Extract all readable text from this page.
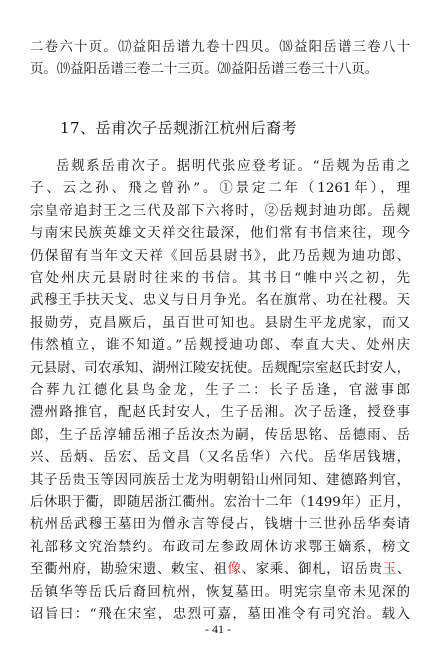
二卷六十页。⒄益阳岳谱九卷十四贝。⒅益阳岳谱三卷八十
页。⒆益阳岳谱三卷二十三页。⒇益阳岳谱三卷三十八页。
17、岳甫次子岳觌浙江杭州后裔考
岳觌系岳甫次子。据明代张应登考证。“岳觌为岳甫之
子、云之孙、飛之曾孙”。①景定二年（1261年），理
宗皇帝追封王之三代及部下六将时，②岳觌封迪功郎。岳觌
与南宋民族英雄文天祥交往最深，他们常有书信来往，现今
仍保留有当年文天祥《回岳县尉书》，此乃岳觌为迪功郎、
官处州庆元县尉时往来的书信。其书日“帷中兴之初，先
武穆王手扶天戈、忠义与日月争光。名在旗常、功在社稷。天
报勋劳，克昌厥后，虽百世可知也。县尉生平龙虎家，而又
伟然植立，谁不知道。”岳觌授迪功郎、奉直大夫、处州庆
元县尉、司农承知、湖州江陵安抚使。岳觌配宗室赵氏封安人，
合葬九江德化县鸟金龙，生子二：长子岳逢，官滋事郎
澧州路推官，配赵氏封安人，生子岳湘。次子岳逢，授登事
郎，生子岳淳辅岳湘子岳汝杰为嗣，传岳思铭、岳德雨、岳
兴、岳炳、岳宏、岳文昌（又名岳华）六代。岳华居钱塘，
其子岳贵玉等因同族岳士龙为明朝铅山州同知、建德路判官，
后休职于衢，即随居浙江衢州。宏治十二年（1499年）正月，
杭州岳武穆王墓田为僧永言等侵占，钱塘十三世孙岳华奏请
礼部移文究治禁约。布政司左参政周休访求鄂王嫡系，榜文
至衢州府，勘验宋遗、敕宝、祖像、家乘、御札，诏岳贵玉、
岳镇华等岳氏后裔回杭州，恢复墓田。明宪宗皇帝未见深的
- 41 -
诏旨曰：“飛在宋室，忠烈可嘉，墓田准令有司究治。载入
